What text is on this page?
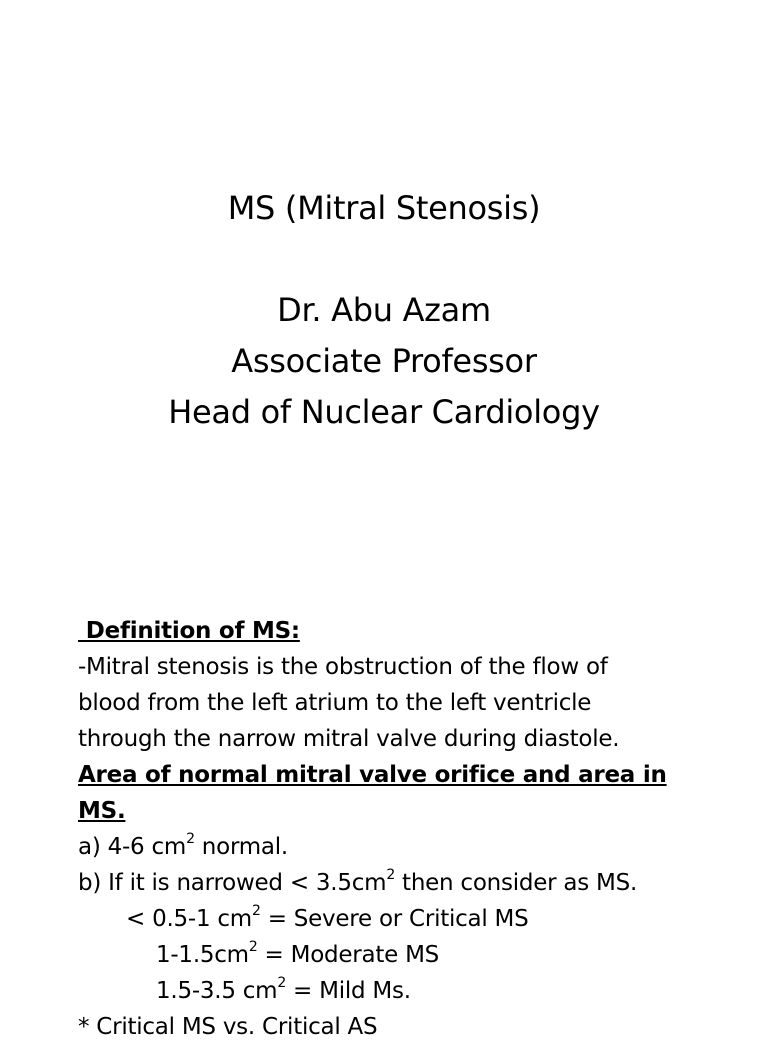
MS (Mitral Stenosis)
Dr. Abu Azam
Associate Professor
Head of Nuclear Cardiology
Definition of MS:
-Mitral stenosis is the obstruction of the flow of
blood from the left atrium to the left ventricle
through the narrow mitral valve during diastole.
Area of normal mitral valve orifice and area in
MS.
a) 4-6 $cm^2$ normal.
b) If it is narrowed < $3.5cm^2$ then consider as MS.
< 0.5-1 $cm^2$ = Severe or Critical MS
$1-1.5cm^2$ = Moderate MS
1.5-3.5 $cm^2$ = Mild Ms.
* Critical MS vs. Critical AS
